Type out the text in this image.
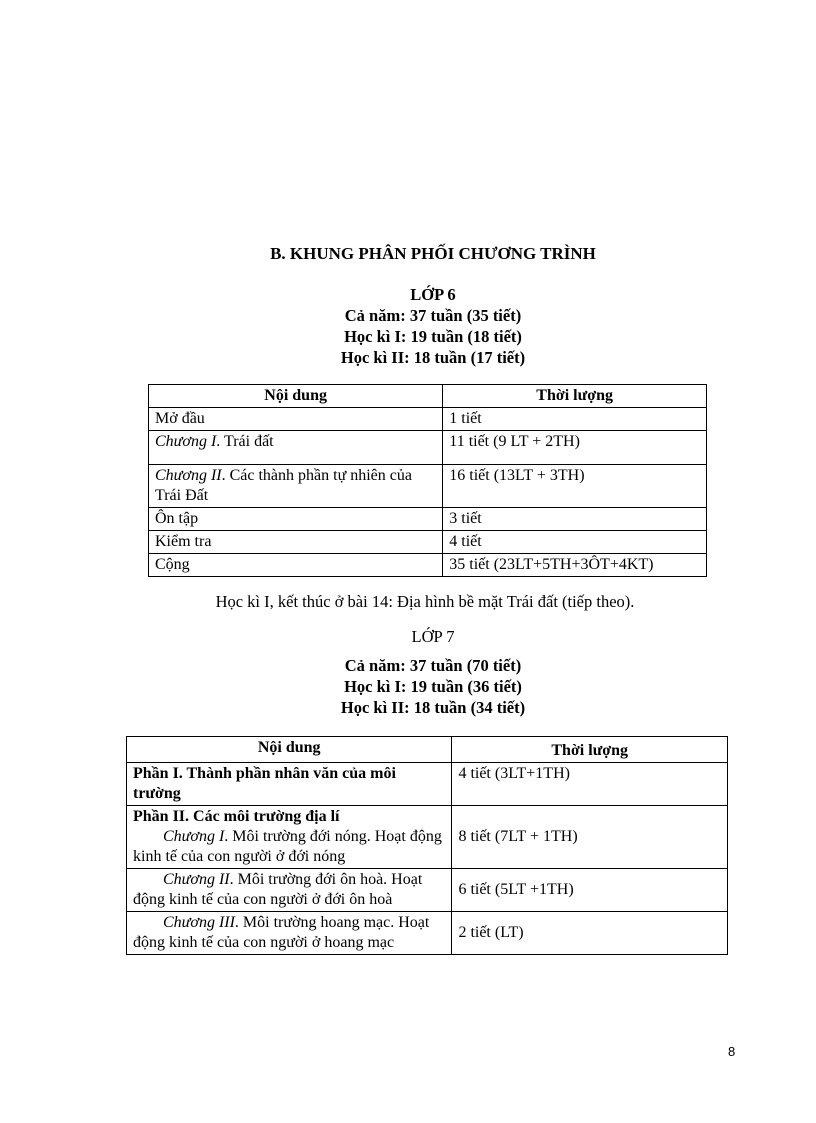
B. KHUNG PHÂN PHỐI CHƯƠNG TRÌNH
LỚP 6
Cả năm: 37 tuần (35 tiết)
Học kì I: 19 tuần (18 tiết)
Học kì II: 18 tuần (17 tiết)
Nội dung	Thời lượng
Mở đầu	1 tiết
Chương I. Trái đất	11 tiết (9 LT + 2TH)
Chương II. Các thành phần tự nhiên của Trái Đất	16 tiết (13LT + 3TH)
Ôn tập	3 tiết
Kiểm tra	4 tiết
Cộng	35 tiết (23LT+5TH+3ÔT+4KT)
Học kì I, kết thúc ở bài 14: Địa hình bề mặt Trái đất (tiếp theo).
LỚP 7
Cả năm: 37 tuần (70 tiết)
Học kì I: 19 tuần (36 tiết)
Học kì II: 18 tuần (34 tiết)
Nội dung	Thời lượng
Phần I. Thành phần nhân văn của môi trường	4 tiết (3LT+1TH)

Phần II. Các môi trường địa lí
Chương I. Môi trường đới nóng. Hoạt động kinh tế của con người ở đới nóng	8 tiết (7LT + 1TH)
Chương II. Môi trường đới ôn hoà. Hoạt động kinh tế của con người ở đới ôn hoà	6 tiết (5LT +1TH)
Chương III. Môi trường hoang mạc. Hoạt động kinh tế của con người ở hoang mạc	2 tiết (LT)
8
